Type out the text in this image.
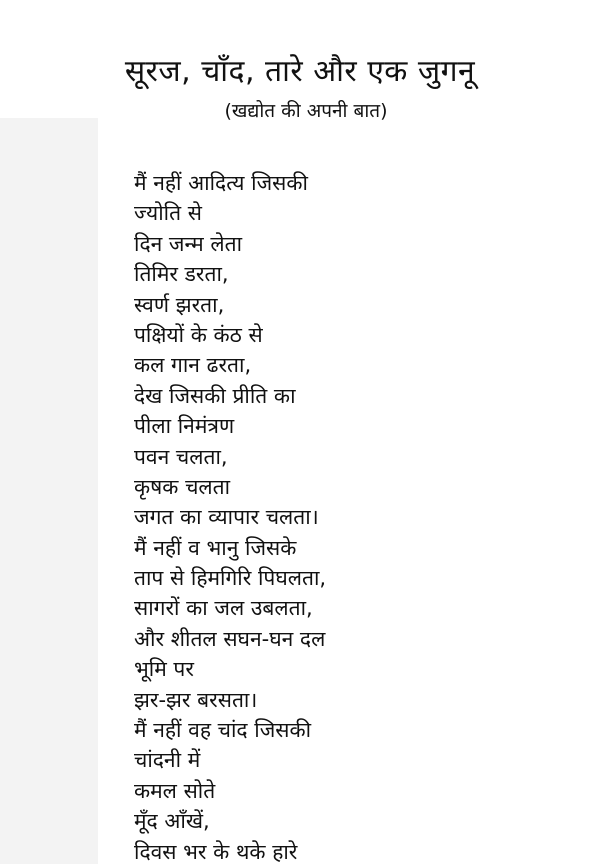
सूरज, चाँद, तारे और एक जुगनू
(खद्योत की अपनी बात)
मैं नहीं आदित्य जिसकी
ज्योति से
दिन जन्म लेता
तिमिर डरता,
स्वर्ण झरता,
पक्षियों के कंठ से
कल गान ढरता,
देख जिसकी प्रीति का
पीला निमंत्रण
पवन चलता,
कृषक चलता
जगत का व्यापार चलता।
मैं नहीं व भानु जिसके
ताप से हिमगिरि पिघलता,
सागरों का जल उबलता,
और शीतल सघन-घन दल
भूमि पर
झर-झर बरसता।
मैं नहीं वह चांद जिसकी
चांदनी में
कमल सोते
मूँद आँखें,
दिवस भर के थके हारे
